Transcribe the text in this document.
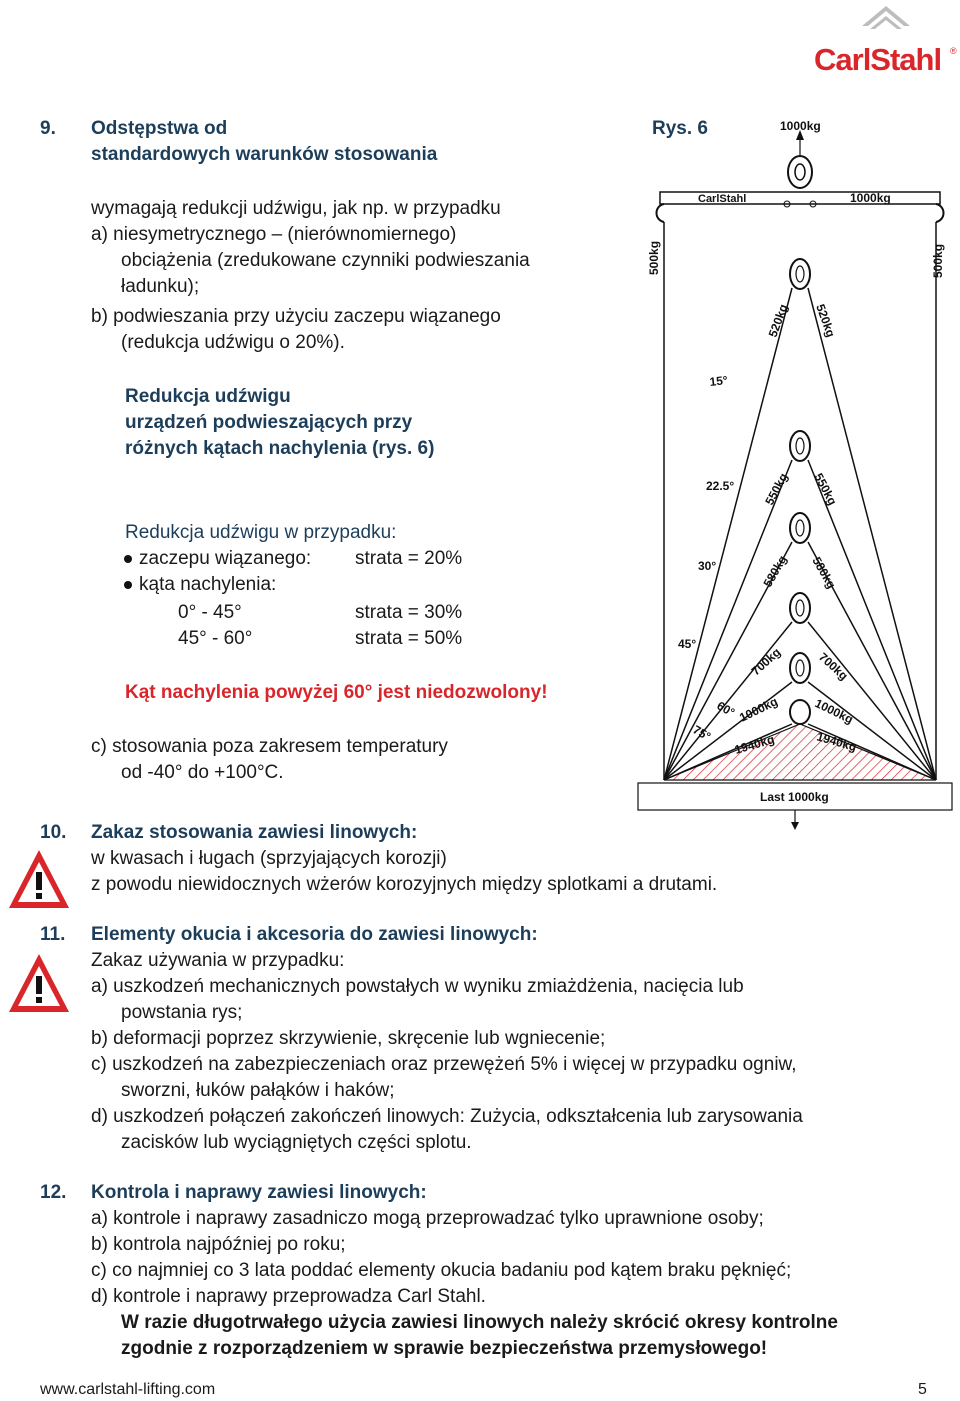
CarlStahl ®
9. Odstępstwa od
standardowych warunków stosowania
wymagają redukcji udźwigu, jak np. w przypadku
a) niesymetrycznego – (nierównomiernego)
obciążenia (zredukowane czynniki podwieszania
ładunku);
b) podwieszania przy użyciu zaczepu wiązanego
(redukcja udźwigu o 20%).
Redukcja udźwigu
urządzeń podwieszających przy
różnych kątach nachylenia (rys. 6)
Redukcja udźwigu w przypadku:
zaczepu wiązanego: strata = 20%
kąta nachylenia:
0° - 45°	strata = 30%
45° - 60°	strata = 50%
Kąt nachylenia powyżej 60° jest niedozwolony!
c) stosowania poza zakresem temperatury
od -40° do +100°C.
Rys. 6	1000kg
CarlStahl	1000kg
500kg	500kg
Last 1000kg
15°
22.5°
30°
45°
60°
75°
520kg 520kg
550kg 550kg
580kg 580kg
700kg	700kg
1000kg	1000kg
1940kg	1940kg
10. Zakaz stosowania zawiesi linowych:
w kwasach i ługach (sprzyjających korozji)
z powodu niewidocznych wżerów korozyjnych między splotkami a drutami.
11. Elementy okucia i akcesoria do zawiesi linowych:
Zakaz używania w przypadku:
a) uszkodzeń mechanicznych powstałych w wyniku zmiażdżenia, nacięcia lub
powstania rys;
b) deformacji poprzez skrzywienie, skręcenie lub wgniecenie;
c) uszkodzeń na zabezpieczeniach oraz przewężeń 5% i więcej w przypadku ogniw,
sworzni, łuków pałąków i haków;
d) uszkodzeń połączeń zakończeń linowych: Zużycia, odkształcenia lub zarysowania
zacisków lub wyciągniętych części splotu.
12. Kontrola i naprawy zawiesi linowych:
a) kontrole i naprawy zasadniczo mogą przeprowadzać tylko uprawnione osoby;
b) kontrola najpóźniej po roku;
c) co najmniej co 3 lata poddać elementy okucia badaniu pod kątem braku pęknięć;
d) kontrole i naprawy przeprowadza Carl Stahl.
W razie długotrwałego użycia zawiesi linowych należy skrócić okresy kontrolne
zgodnie z rozporządzeniem w sprawie bezpieczeństwa przemysłowego!
www.carlstahl-lifting.com	5
